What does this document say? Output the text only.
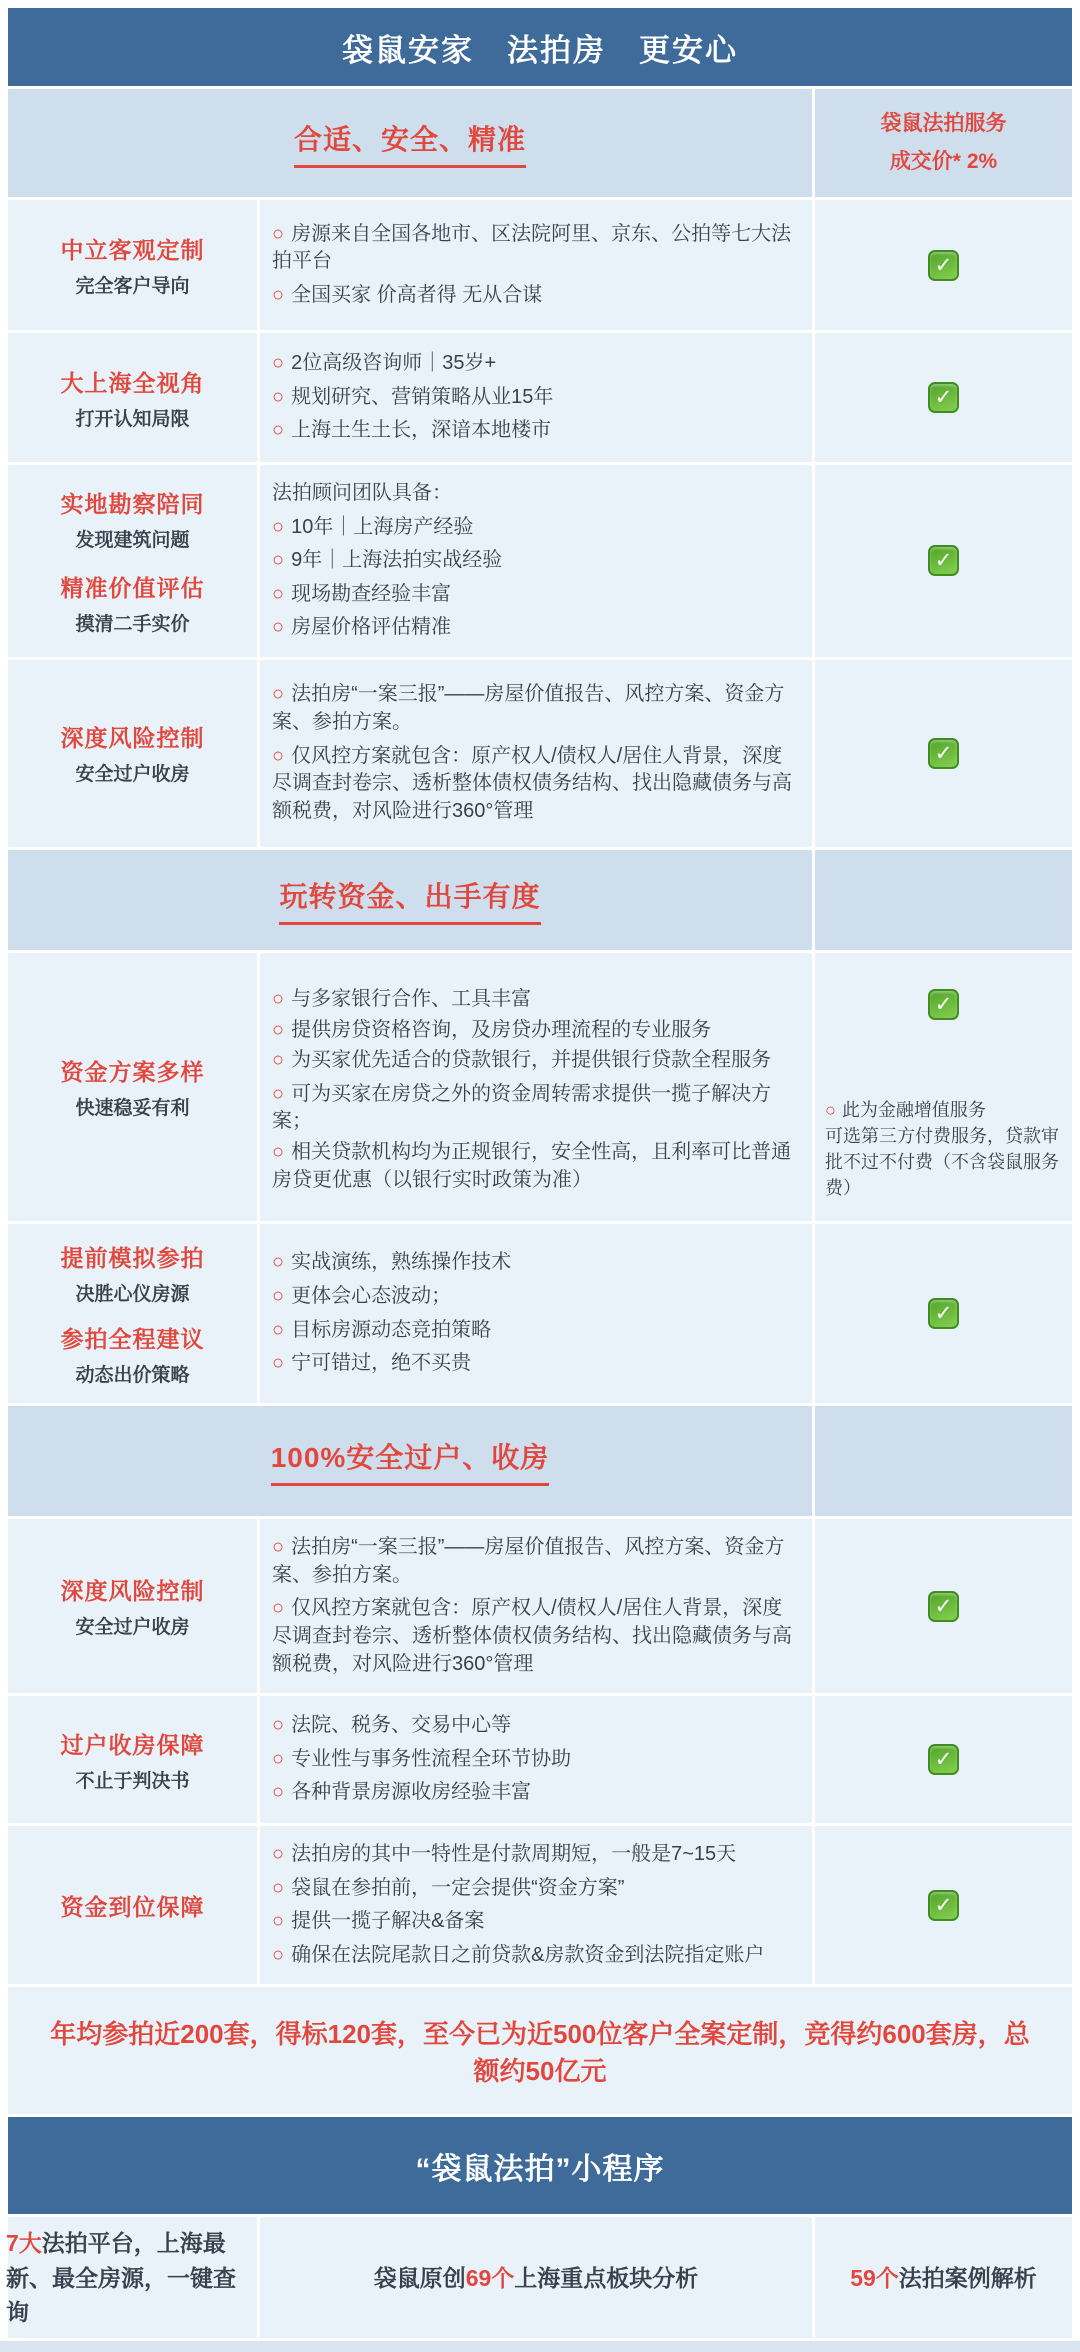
袋鼠安家　法拍房　更安心
合适、安全、精准
袋鼠法拍服务
成交价* 2%
中立客观定制
完全客户导向

○ 房源来自全国各地市、区法院阿里、京东、公拍等七大法拍平台

○ 全国买家 价高者得 无从合谋

✓
大上海全视角
打开认知局限

○ 2位高级咨询师｜35岁+

○ 规划研究、营销策略从业15年

○ 上海土生土长，深谙本地楼市

✓
实地勘察陪同
发现建筑问题
精准价值评估
摸清二手实价

法拍顾问团队具备：

○ 10年｜上海房产经验

○ 9年｜上海法拍实战经验

○ 现场勘查经验丰富

○ 房屋价格评估精准

✓
深度风险控制
安全过户收房

○ 法拍房“一案三报”——房屋价值报告、风控方案、资金方案、参拍方案。

○ 仅风控方案就包含：原产权人/债权人/居住人背景，深度尽调查封卷宗、透析整体债权债务结构、找出隐藏债务与高额税费，对风险进行360°管理

✓
玩转资金、出手有度
资金方案多样
快速稳妥有利

○ 与多家银行合作、工具丰富

○ 提供房贷资格咨询，及房贷办理流程的专业服务

○ 为买家优先适合的贷款银行，并提供银行贷款全程服务

○ 可为买家在房贷之外的资金周转需求提供一揽子解决方案；

○ 相关贷款机构均为正规银行，安全性高，且利率可比普通房贷更优惠（以银行实时政策为准）

✓

○ 此为金融增值服务

可选第三方付费服务，贷款审批不过不付费（不含袋鼠服务费）

提前模拟参拍
决胜心仪房源
参拍全程建议
动态出价策略

○ 实战演练，熟练操作技术

○ 更体会心态波动；

○ 目标房源动态竞拍策略

○ 宁可错过，绝不买贵

✓
100%安全过户、收房
深度风险控制
安全过户收房

○ 法拍房“一案三报”——房屋价值报告、风控方案、资金方案、参拍方案。

○ 仅风控方案就包含：原产权人/债权人/居住人背景，深度尽调查封卷宗、透析整体债权债务结构、找出隐藏债务与高额税费，对风险进行360°管理

✓
过户收房保障
不止于判决书

○ 法院、税务、交易中心等

○ 专业性与事务性流程全环节协助

○ 各种背景房源收房经验丰富

✓
资金到位保障

○ 法拍房的其中一特性是付款周期短，一般是7~15天

○ 袋鼠在参拍前，一定会提供“资金方案”

○ 提供一揽子解决&备案

○ 确保在法院尾款日之前贷款&房款资金到法院指定账户

✓

年均参拍近200套，得标120套，至今已为近500位客户全案定制，竞得约600套房，总额约50亿元

“袋鼠法拍”小程序

7大法拍平台，上海最新、最全房源，一键查询

袋鼠原创69个上海重点板块分析	59个法拍案例解析
